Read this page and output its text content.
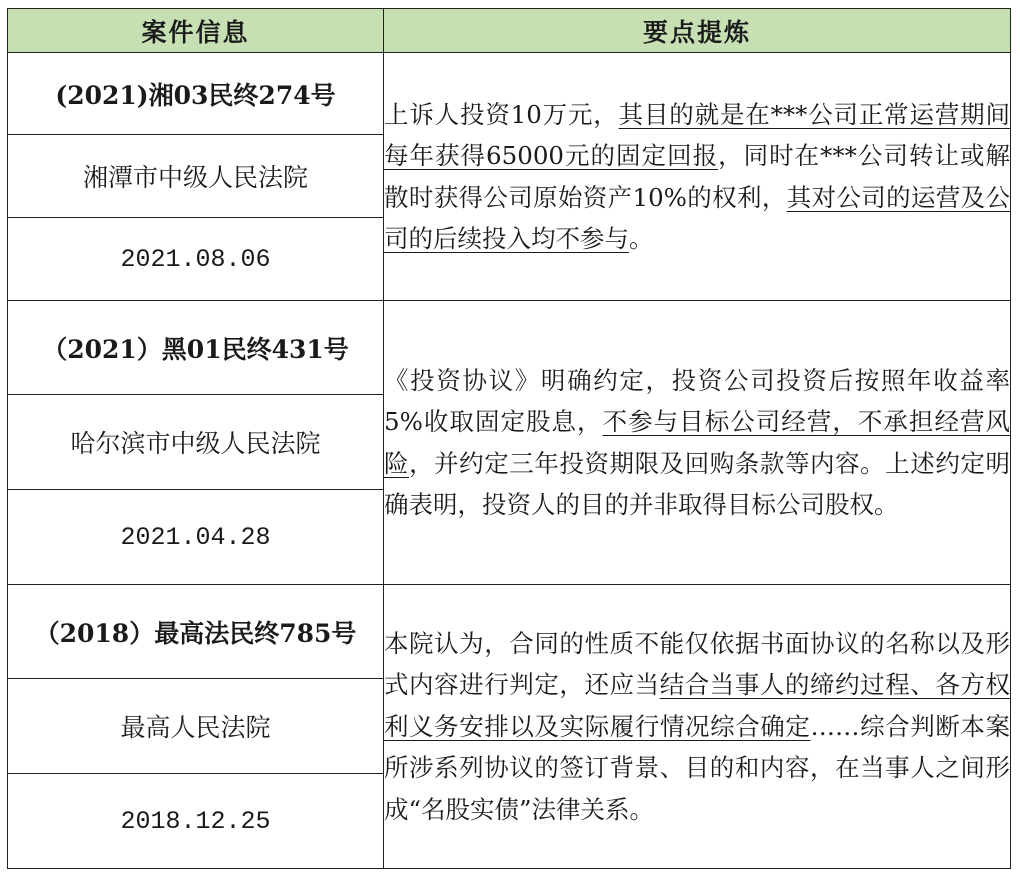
案件信息	要点提炼
(2021)湘03民终274号	上诉人投资10万元，其目的就是在***公司正常运营期间每年获得65000元的固定回报，同时在***公司转让或解散时获得公司原始资产10%的权利，其对公司的运营及公司的后续投入均不参与。

湘潭市中级人民法院	
2021.08.06	
（2021）黑01民终431号	《投资协议》明确约定，投资公司投资后按照年收益率5%收取固定股息，不参与目标公司经营，不承担经营风险，并约定三年投资期限及回购条款等内容。上述约定明确表明，投资人的目的并非取得目标公司股权。

哈尔滨市中级人民法院	
2021.04.28	
（2018）最高法民终785号	本院认为，合同的性质不能仅依据书面协议的名称以及形式内容进行判定，还应当结合当事人的缔约过程、各方权利义务安排以及实际履行情况综合确定……综合判断本案所涉系列协议的签订背景、目的和内容，在当事人之间形成“名股实债”法律关系。

最高人民法院	
2018.12.25	
